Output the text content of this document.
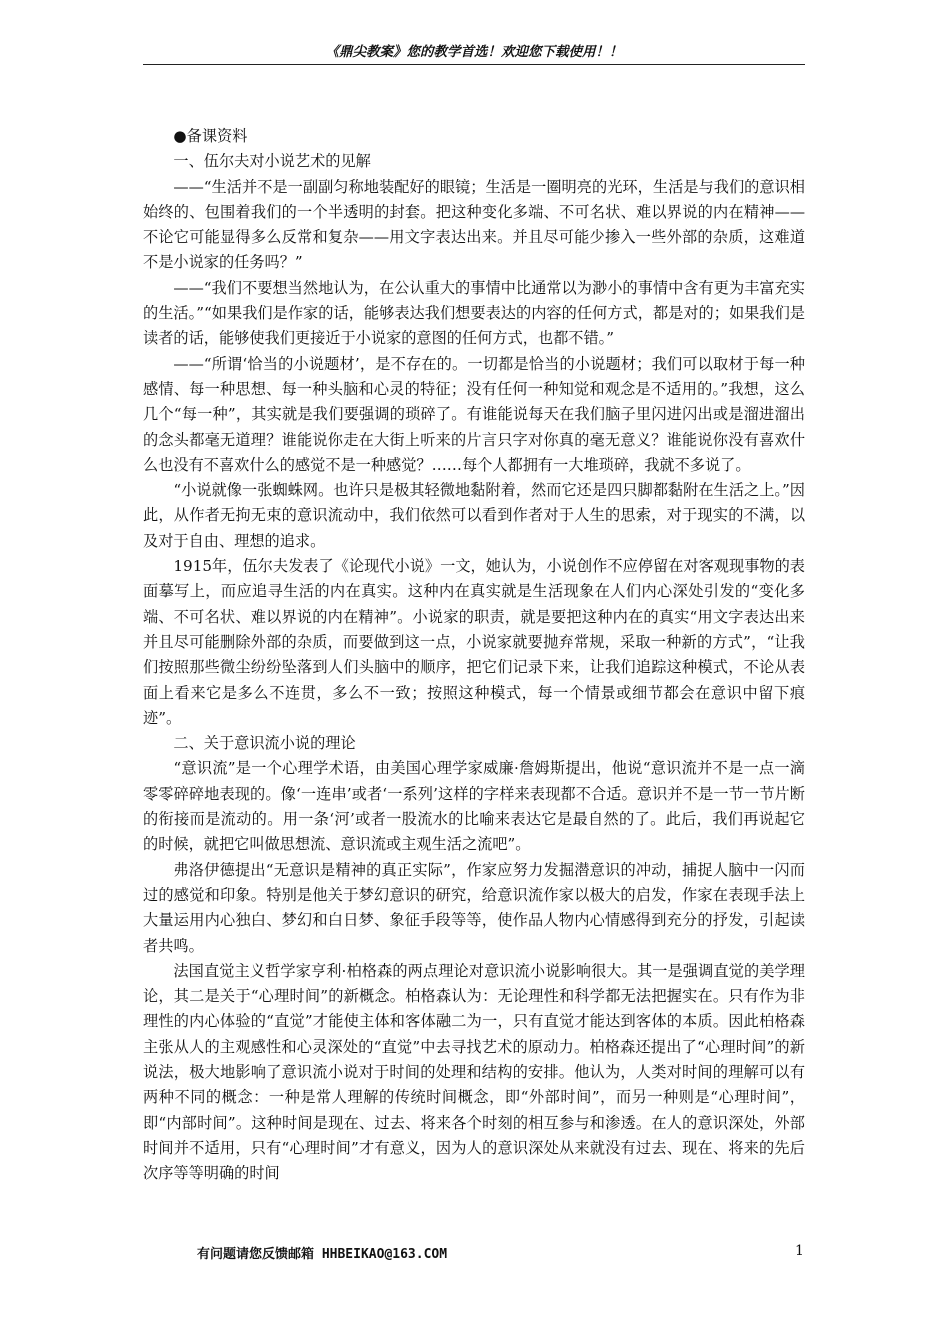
《鼎尖教案》您的教学首选！欢迎您下载使用！！

●备课资料

一、伍尔夫对小说艺术的见解

——“生活并不是一副副匀称地装配好的眼镜；生活是一圈明亮的光环，生活是与我们的意识相始终的、包围着我们的一个半透明的封套。把这种变化多端、不可名状、难以界说的内在精神——不论它可能显得多么反常和复杂——用文字表达出来。并且尽可能少掺入一些外部的杂质，这难道不是小说家的任务吗？”

——“我们不要想当然地认为，在公认重大的事情中比通常以为渺小的事情中含有更为丰富充实的生活。”“如果我们是作家的话，能够表达我们想要表达的内容的任何方式，都是对的；如果我们是读者的话，能够使我们更接近于小说家的意图的任何方式，也都不错。”

——“所谓‘恰当的小说题材’，是不存在的。一切都是恰当的小说题材；我们可以取材于每一种感情、每一种思想、每一种头脑和心灵的特征；没有任何一种知觉和观念是不适用的。”我想，这么几个“每一种”，其实就是我们要强调的琐碎了。有谁能说每天在我们脑子里闪进闪出或是溜进溜出的念头都毫无道理？谁能说你走在大街上听来的片言只字对你真的毫无意义？谁能说你没有喜欢什么也没有不喜欢什么的感觉不是一种感觉？……每个人都拥有一大堆琐碎，我就不多说了。

“小说就像一张蜘蛛网。也许只是极其轻微地黏附着，然而它还是四只脚都黏附在生活之上。”因此，从作者无拘无束的意识流动中，我们依然可以看到作者对于人生的思索，对于现实的不满，以及对于自由、理想的追求。

1915年，伍尔夫发表了《论现代小说》一文，她认为，小说创作不应停留在对客观现事物的表面摹写上，而应追寻生活的内在真实。这种内在真实就是生活现象在人们内心深处引发的“变化多端、不可名状、难以界说的内在精神”。小说家的职责，就是要把这种内在的真实“用文字表达出来并且尽可能删除外部的杂质，而要做到这一点，小说家就要抛弃常规，采取一种新的方式”，“让我们按照那些微尘纷纷坠落到人们头脑中的顺序，把它们记录下来，让我们追踪这种模式，不论从表面上看来它是多么不连贯，多么不一致；按照这种模式，每一个情景或细节都会在意识中留下痕迹”。

二、关于意识流小说的理论

“意识流”是一个心理学术语，由美国心理学家威廉·詹姆斯提出，他说“意识流并不是一点一滴零零碎碎地表现的。像‘一连串’或者‘一系列’这样的字样来表现都不合适。意识并不是一节一节片断的衔接而是流动的。用一条‘河’或者一股流水的比喻来表达它是最自然的了。此后，我们再说起它的时候，就把它叫做思想流、意识流或主观生活之流吧”。

弗洛伊德提出“无意识是精神的真正实际”，作家应努力发掘潜意识的冲动，捕捉人脑中一闪而过的感觉和印象。特别是他关于梦幻意识的研究，给意识流作家以极大的启发，作家在表现手法上大量运用内心独白、梦幻和白日梦、象征手段等等，使作品人物内心情感得到充分的抒发，引起读者共鸣。

法国直觉主义哲学家亨利·柏格森的两点理论对意识流小说影响很大。其一是强调直觉的美学理论，其二是关于“心理时间”的新概念。柏格森认为：无论理性和科学都无法把握实在。只有作为非理性的内心体验的“直觉”才能使主体和客体融二为一，只有直觉才能达到客体的本质。因此柏格森主张从人的主观感性和心灵深处的“直觉”中去寻找艺术的原动力。柏格森还提出了“心理时间”的新说法，极大地影响了意识流小说对于时间的处理和结构的安排。他认为，人类对时间的理解可以有两种不同的概念：一种是常人理解的传统时间概念，即“外部时间”，而另一种则是“心理时间”，即“内部时间”。这种时间是现在、过去、将来各个时刻的相互参与和渗透。在人的意识深处，外部时间并不适用，只有“心理时间”才有意义，因为人的意识深处从来就没有过去、现在、将来的先后次序等等明确的时间

有问题请您反馈邮箱 HHBEIKAO@163.COM	1
